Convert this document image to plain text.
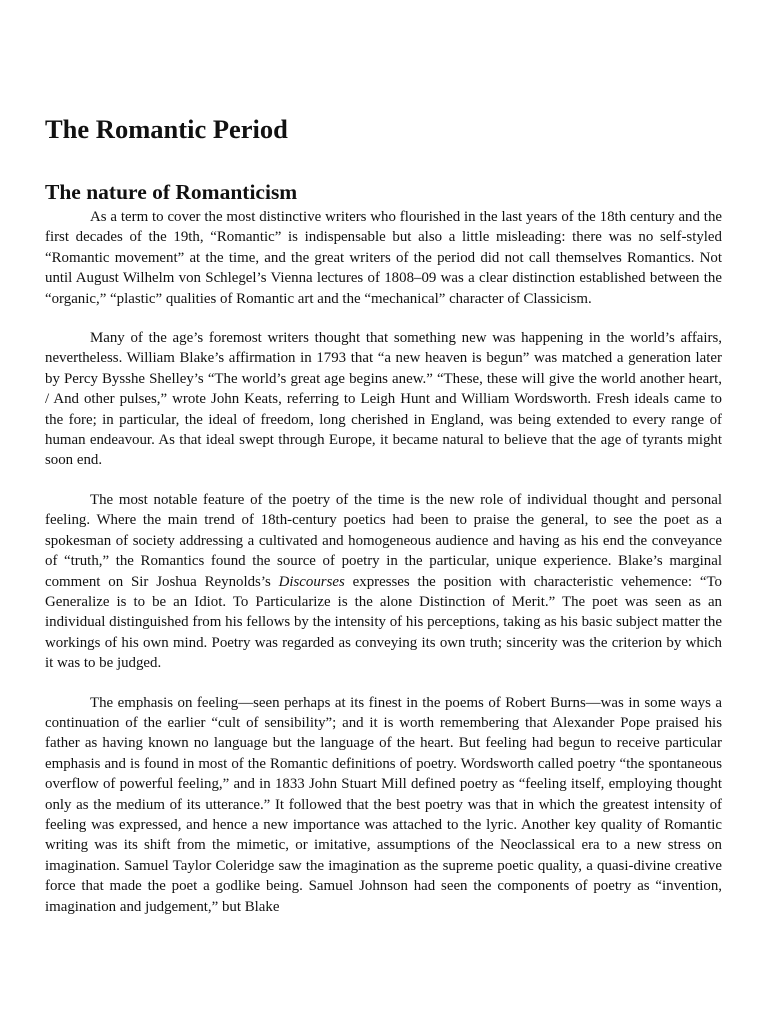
The Romantic Period
The nature of Romanticism

As a term to cover the most distinctive writers who flourished in the last years of the 18th century and the first decades of the 19th, “Romantic” is indispensable but also a little misleading: there was no self-styled “Romantic movement” at the time, and the great writers of the period did not call themselves Romantics. Not until August Wilhelm von Schlegel’s Vienna lectures of 1808–09 was a clear distinction established between the “organic,” “plastic” qualities of Romantic art and the “mechanical” character of Classicism.

Many of the age’s foremost writers thought that something new was happening in the world’s affairs, nevertheless. William Blake’s affirmation in 1793 that “a new heaven is begun” was matched a generation later by Percy Bysshe Shelley’s “The world’s great age begins anew.” “These, these will give the world another heart, / And other pulses,” wrote John Keats, referring to Leigh Hunt and William Wordsworth. Fresh ideals came to the fore; in particular, the ideal of freedom, long cherished in England, was being extended to every range of human endeavour. As that ideal swept through Europe, it became natural to believe that the age of tyrants might soon end.

The most notable feature of the poetry of the time is the new role of individual thought and personal feeling. Where the main trend of 18th-century poetics had been to praise the general, to see the poet as a spokesman of society addressing a cultivated and homogeneous audience and having as his end the conveyance of “truth,” the Romantics found the source of poetry in the particular, unique experience. Blake’s marginal comment on Sir Joshua Reynolds’s Discourses expresses the position with characteristic vehemence: “To Generalize is to be an Idiot. To Particularize is the alone Distinction of Merit.” The poet was seen as an individual distinguished from his fellows by the intensity of his perceptions, taking as his basic subject matter the workings of his own mind. Poetry was regarded as conveying its own truth; sincerity was the criterion by which it was to be judged.

The emphasis on feeling—seen perhaps at its finest in the poems of Robert Burns—was in some ways a continuation of the earlier “cult of sensibility”; and it is worth remembering that Alexander Pope praised his father as having known no language but the language of the heart. But feeling had begun to receive particular emphasis and is found in most of the Romantic definitions of poetry. Wordsworth called poetry “the spontaneous overflow of powerful feeling,” and in 1833 John Stuart Mill defined poetry as “feeling itself, employing thought only as the medium of its utterance.” It followed that the best poetry was that in which the greatest intensity of feeling was expressed, and hence a new importance was attached to the lyric. Another key quality of Romantic writing was its shift from the mimetic, or imitative, assumptions of the Neoclassical era to a new stress on imagination. Samuel Taylor Coleridge saw the imagination as the supreme poetic quality, a quasi-divine creative force that made the poet a godlike being. Samuel Johnson had seen the components of poetry as “invention, imagination and judgement,” but Blake
